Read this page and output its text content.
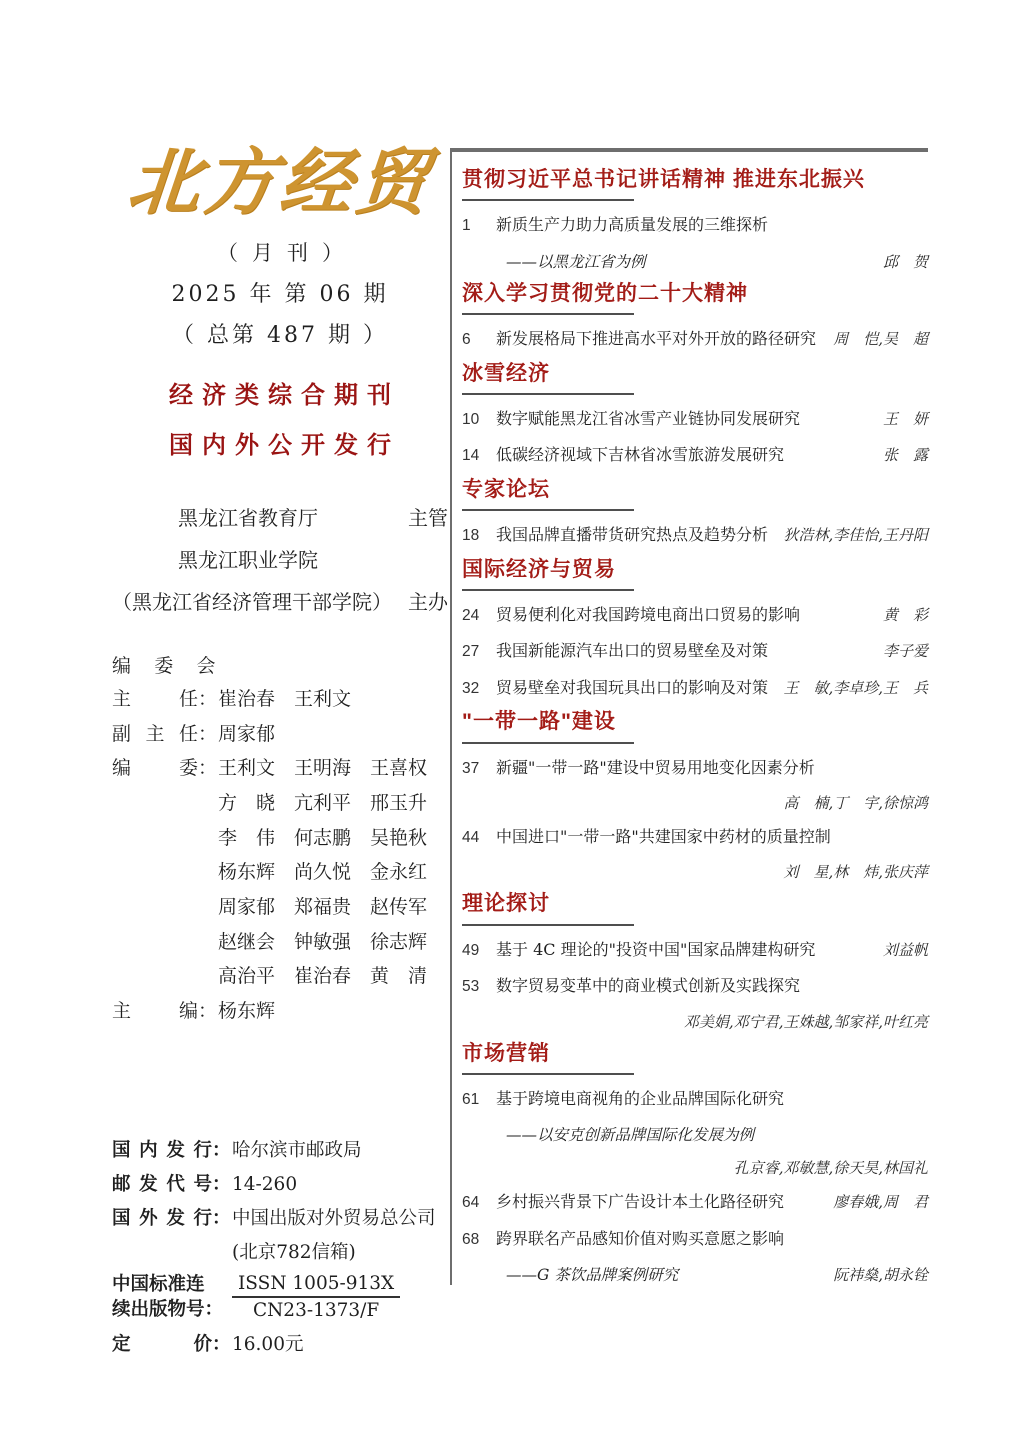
北方经贸
（月刊）
2025 年 第 06 期
（ 总第 487 期 ）
经济类综合期刊
国内外公开发行
黑龙江省教育厅	主管
黑龙江职业学院
（黑龙江省经济管理干部学院） 主办
编 委 会
主任 ： 崔治春　王利文
副主任 ： 周家郁
编委 ： 王利文　王明海　王喜权
方　晓　亢利平　邢玉升
李　伟　何志鹏　吴艳秋
杨东辉　尚久悦　金永红
周家郁　郑福贵　赵传军
赵继会　钟敏强　徐志辉
高治平　崔治春　黄　清
主编 ： 杨东辉
国内发行 ： 哈尔滨市邮政局
邮发代号 ： 14-260
国外发行 ： 中国出版对外贸易总公司
(北京782信箱)
中国标准连
续出版物号：
ISSN 1005-913X
CN23-1373/F
定价 ： 16.00元
贯彻习近平总书记讲话精神 推进东北振兴
1	新质生产力助力高质量发展的三维探析
——以黑龙江省为例	邱　贺
深入学习贯彻党的二十大精神
6	新发展格局下推进高水平对外开放的路径研究	周　恺,吴　超
冰雪经济
10	数字赋能黑龙江省冰雪产业链协同发展研究	王　妍
14	低碳经济视域下吉林省冰雪旅游发展研究	张　露
专家论坛
18	我国品牌直播带货研究热点及趋势分析	狄浩林,李佳怡,王丹阳
国际经济与贸易
24	贸易便利化对我国跨境电商出口贸易的影响	黄　彩
27	我国新能源汽车出口的贸易壁垒及对策	李子爱
32	贸易壁垒对我国玩具出口的影响及对策	王　敏,李卓珍,王　兵
"一带一路"建设
37	新疆"一带一路"建设中贸易用地变化因素分析
高　楠,丁　宇,徐惊鸿
44	中国进口"一带一路"共建国家中药材的质量控制
刘　星,林　炜,张庆萍
理论探讨
49	基于 4C 理论的"投资中国"国家品牌建构研究	刘益帆
53	数字贸易变革中的商业模式创新及实践探究
邓美娟,邓宁君,王姝越,邹家祥,叶红亮
市场营销
61	基于跨境电商视角的企业品牌国际化研究
——以安克创新品牌国际化发展为例
孔京睿,邓敏慧,徐天昊,林国礼
64	乡村振兴背景下广告设计本土化路径研究	廖春娥,周　君
68	跨界联名产品感知价值对购买意愿之影响
——G 茶饮品牌案例研究	阮祎燊,胡永铨
